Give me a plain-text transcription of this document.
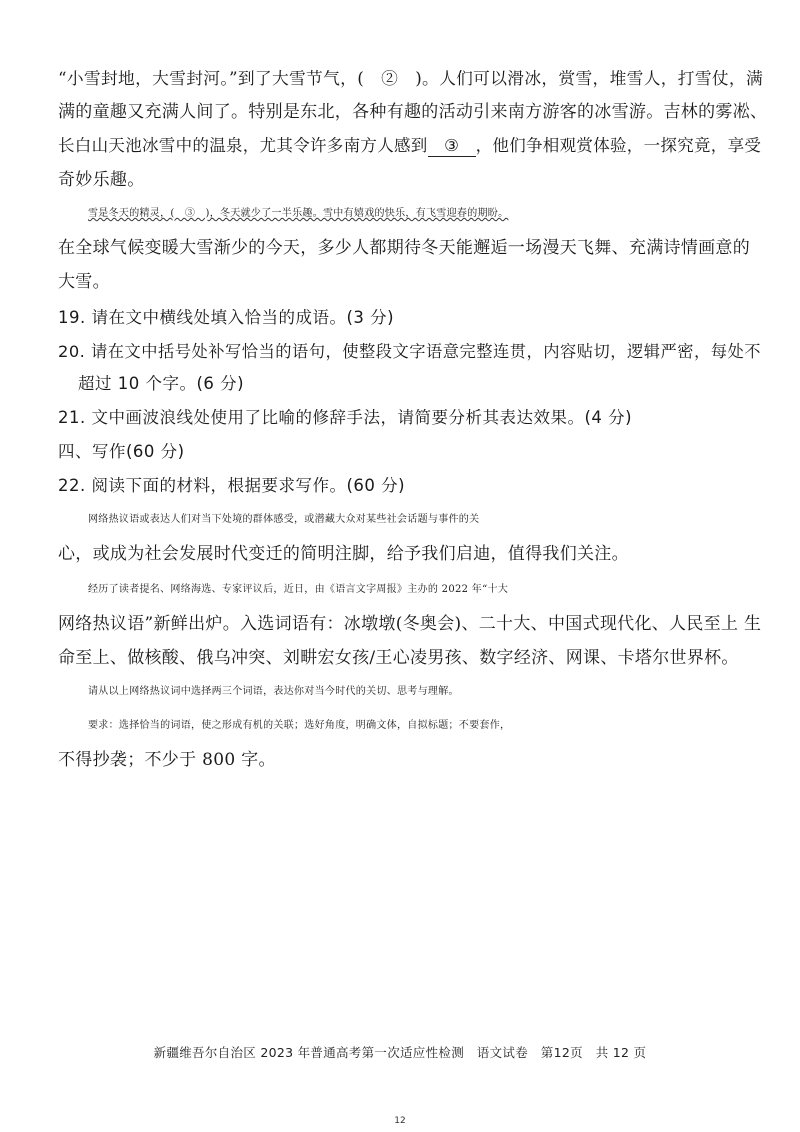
“小雪封地，大雪封河。”到了大雪节气，(　②　)。人们可以滑冰，赏雪，堆雪人，打雪仗，满
满的童趣又充满人间了。特别是东北，各种有趣的活动引来南方游客的冰雪游。吉林的雾凇、
长白山天池冰雪中的温泉，尤其令许多南方人感到 ③ ，他们争相观赏体验，一探究竟，享受
奇妙乐趣。
雪是冬天的精灵，(　③　)，冬天就少了一半乐趣。雪中有嬉戏的快乐，有飞雪迎春的期盼。
在全球气候变暖大雪渐少的今天，多少人都期待冬天能邂逅一场漫天飞舞、充满诗情画意的
大雪。
19. 请在文中横线处填入恰当的成语。(3 分)
20. 请在文中括号处补写恰当的语句，使整段文字语意完整连贯，内容贴切，逻辑严密，每处不
超过 10 个字。(6 分)
21. 文中画波浪线处使用了比喻的修辞手法，请简要分析其表达效果。(4 分)
四、写作(60 分)
22. 阅读下面的材料，根据要求写作。(60 分)
网络热议语或表达人们对当下处境的群体感受，或潜藏大众对某些社会话题与事件的关
心，或成为社会发展时代变迁的简明注脚，给予我们启迪，值得我们关注。
经历了读者提名、网络海选、专家评议后，近日，由《语言文字周报》主办的 2022 年“十大
网络热议语”新鲜出炉。入选词语有：冰墩墩(冬奥会)、二十大、中国式现代化、人民至上 生
命至上、做核酸、俄乌冲突、刘畊宏女孩/王心凌男孩、数字经济、网课、卡塔尔世界杯。
请从以上网络热议词中选择两三个词语，表达你对当今时代的关切、思考与理解。
要求：选择恰当的词语，使之形成有机的关联；选好角度，明确文体，自拟标题；不要套作，
不得抄袭；不少于 800 字。
新疆维吾尔自治区 2023 年普通高考第一次适应性检测　语文试卷　第12页　共 12 页
12
